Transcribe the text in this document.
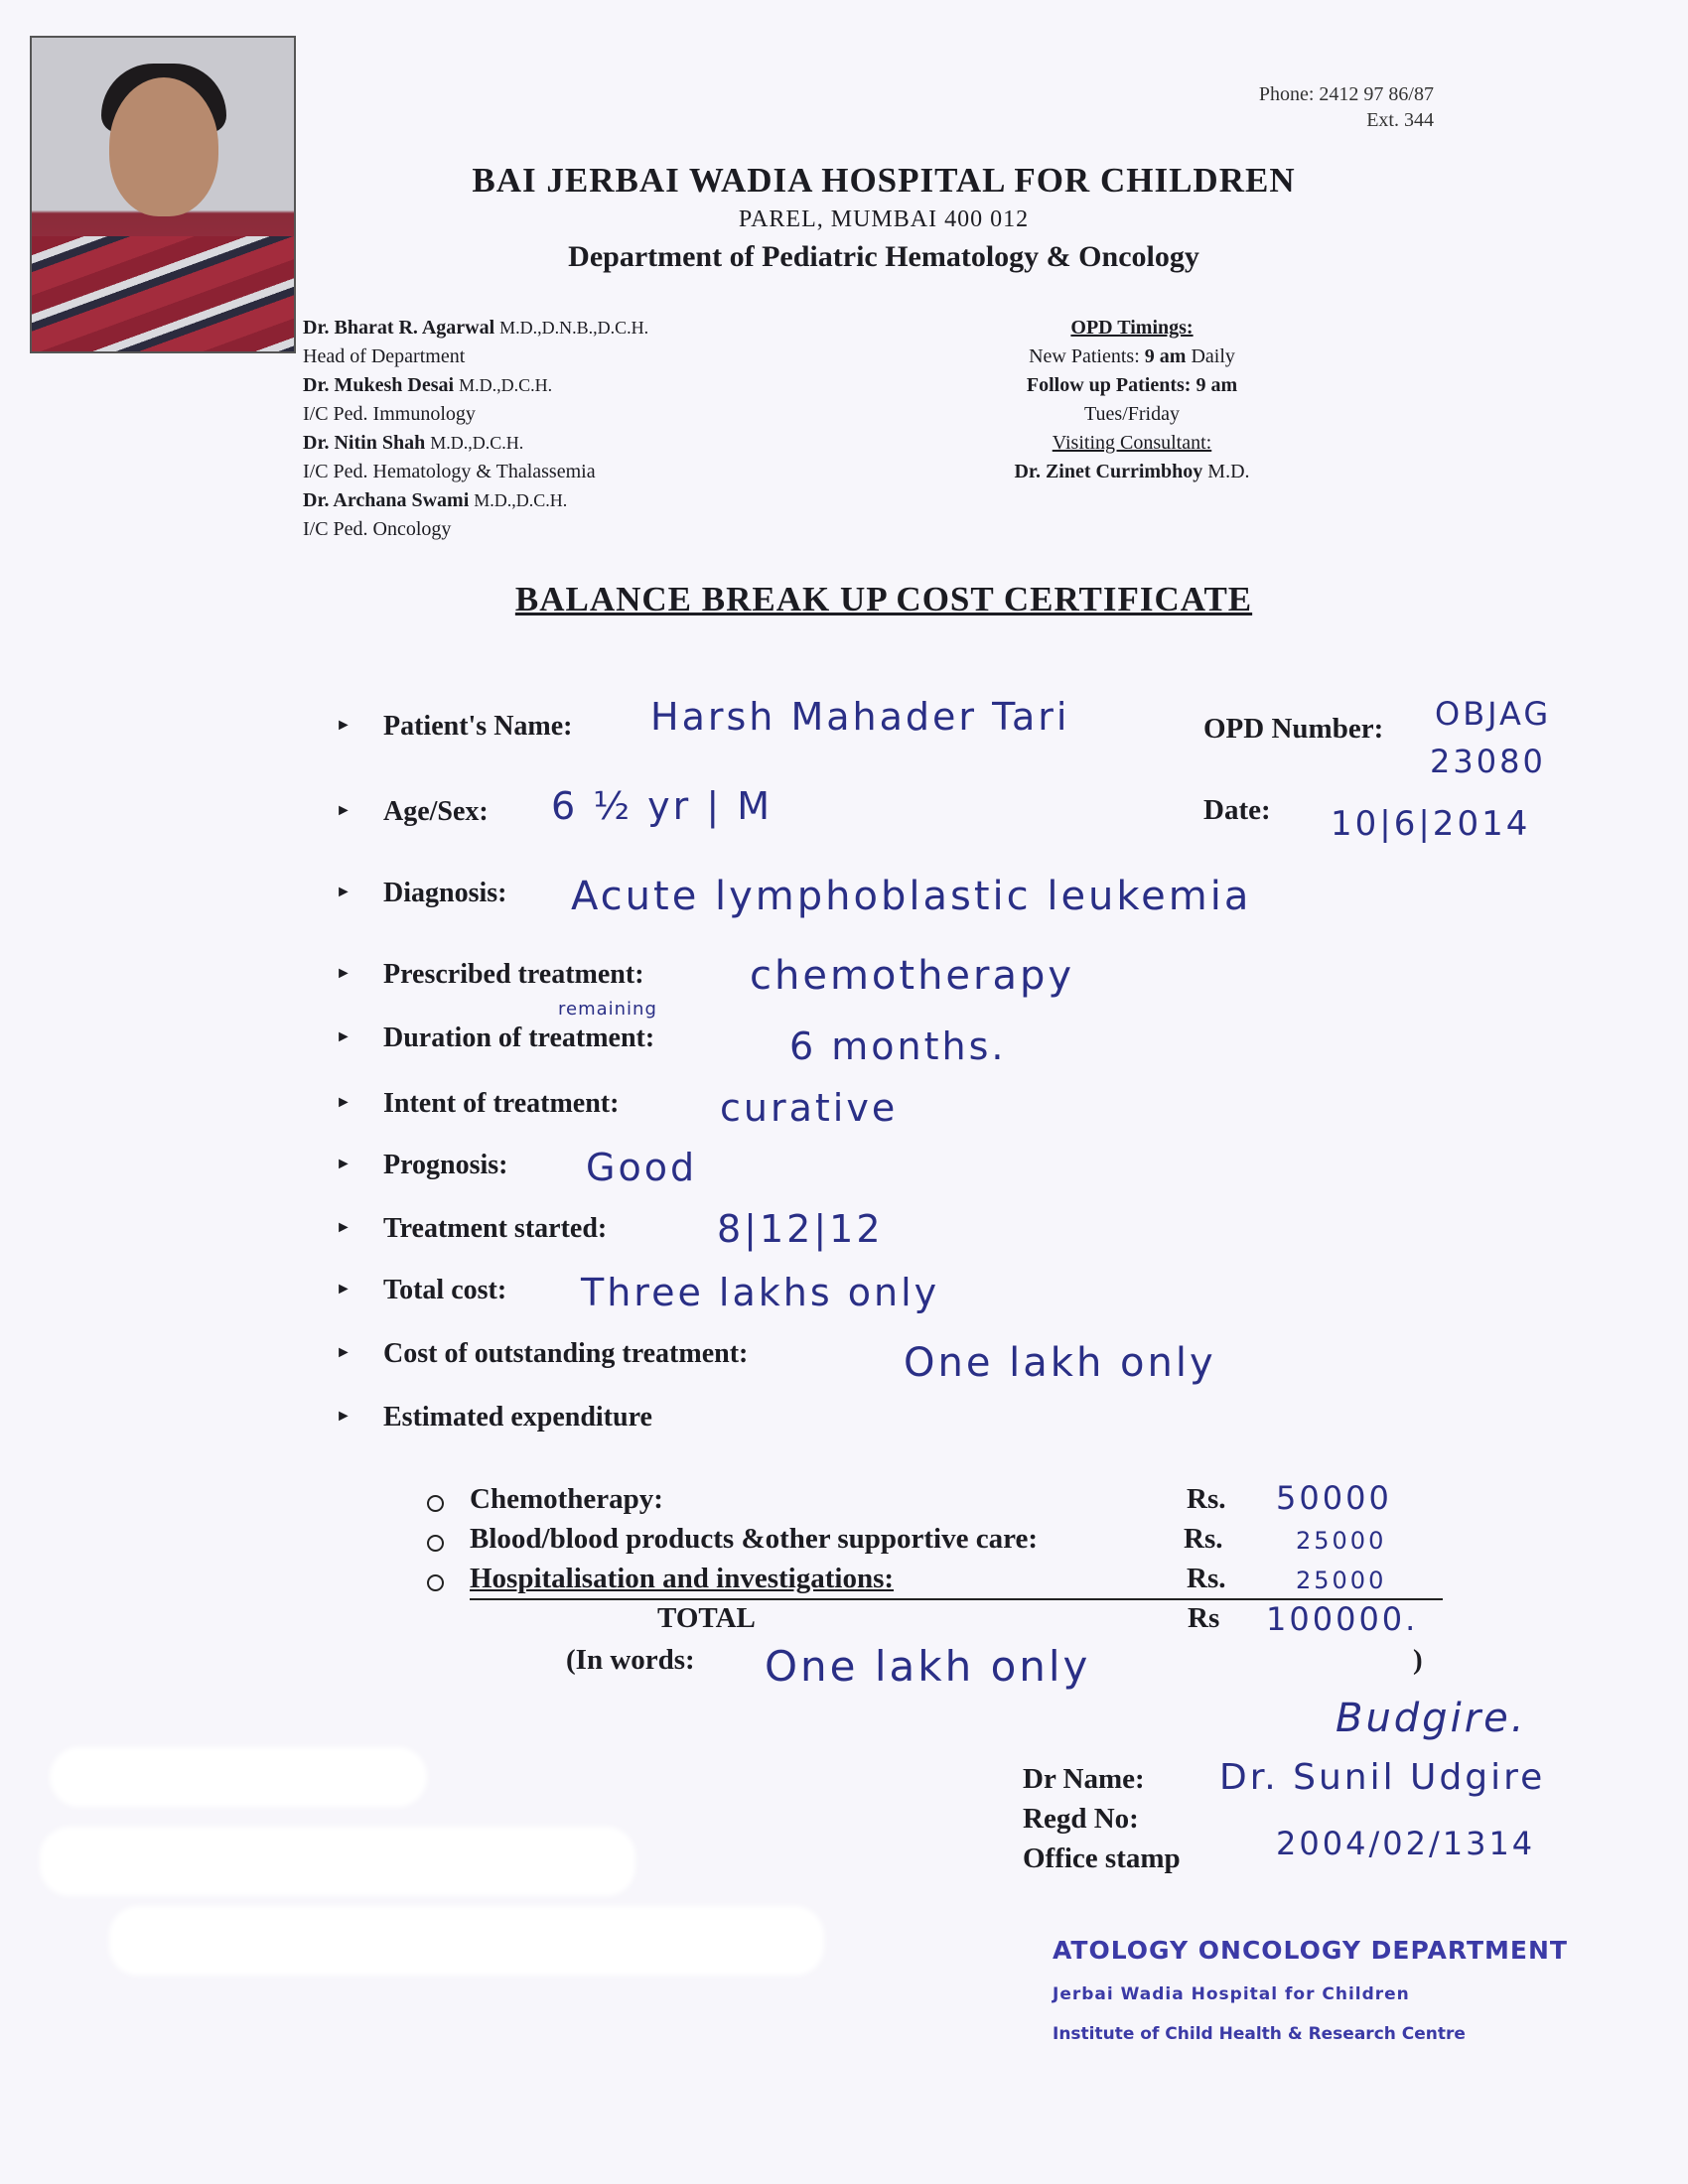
Phone: 2412 97 86/87
Ext. 344
BAI JERBAI WADIA HOSPITAL FOR CHILDREN
PAREL, MUMBAI 400 012
Department of Pediatric Hematology & Oncology
Dr. Bharat R. Agarwal M.D.,D.N.B.,D.C.H.
Head of Department
Dr. Mukesh Desai M.D.,D.C.H.
I/C Ped. Immunology
Dr. Nitin Shah M.D.,D.C.H.
I/C Ped. Hematology & Thalassemia
Dr. Archana Swami M.D.,D.C.H.
I/C Ped. Oncology
OPD Timings:
New Patients: 9 am Daily
Follow up Patients: 9 am
Tues/Friday
Visiting Consultant:
Dr. Zinet Currimbhoy M.D.
BALANCE BREAK UP COST CERTIFICATE
► Patient's Name: Harsh Mahader Tari	OPD Number: OBJAG
23080
► Age/Sex: 6 ½ yr | M	Date: 10|6|2014
► Diagnosis: Acute lymphoblastic leukemia
► Prescribed treatment:	chemotherapy
► Duration of treatment:
remaining
6 months.
► Intent of treatment:	curative
► Prognosis: Good
► Treatment started:	8|12|12
► Total cost: Three lakhs only
► Cost of outstanding treatment:	One lakh only
► Estimated expenditure
Chemotherapy:	Rs. 50000
Blood/blood products &other supportive care:	Rs.	25000
Hospitalisation and investigations:	Rs.	25000
TOTAL	Rs 100000.
(In words: One lakh only	)
Budgire.
Dr Name: Dr. Sunil Udgire
Regd No:
2004/02/1314
Office stamp
ATOLOGY ONCOLOGY DEPARTMENT
Jerbai Wadia Hospital for Children
Institute of Child Health & Research Centre
